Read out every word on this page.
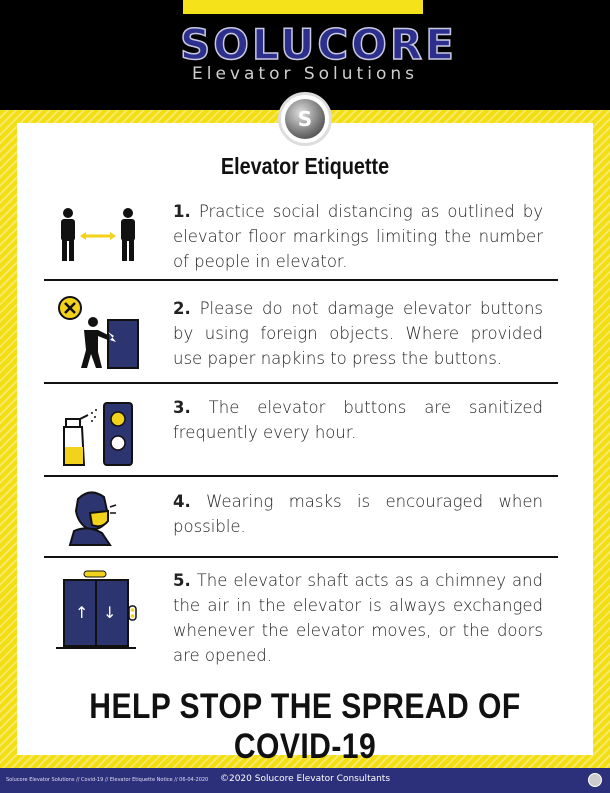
SOLUCORE
Elevator Solutions
S
Elevator Etiquette
1. Practice social distancing as outlined by elevator floor markings limiting the number of people in elevator.
2. Please do not damage elevator buttons by using foreign objects. Where provided use paper napkins to press the buttons.
3. The elevator buttons are sanitized frequently every hour.
4. Wearing masks is encouraged when possible.
↑ ↓
5. The elevator shaft acts as a chimney and the air in the elevator is always exchanged whenever the elevator moves, or the doors are opened.
HELP STOP THE SPREAD OF COVID-19
Solucore Elevator Solutions // Covid-19 // Elevator Etiquette Notice // 06-04-2020	©2020 Solucore Elevator Consultants
